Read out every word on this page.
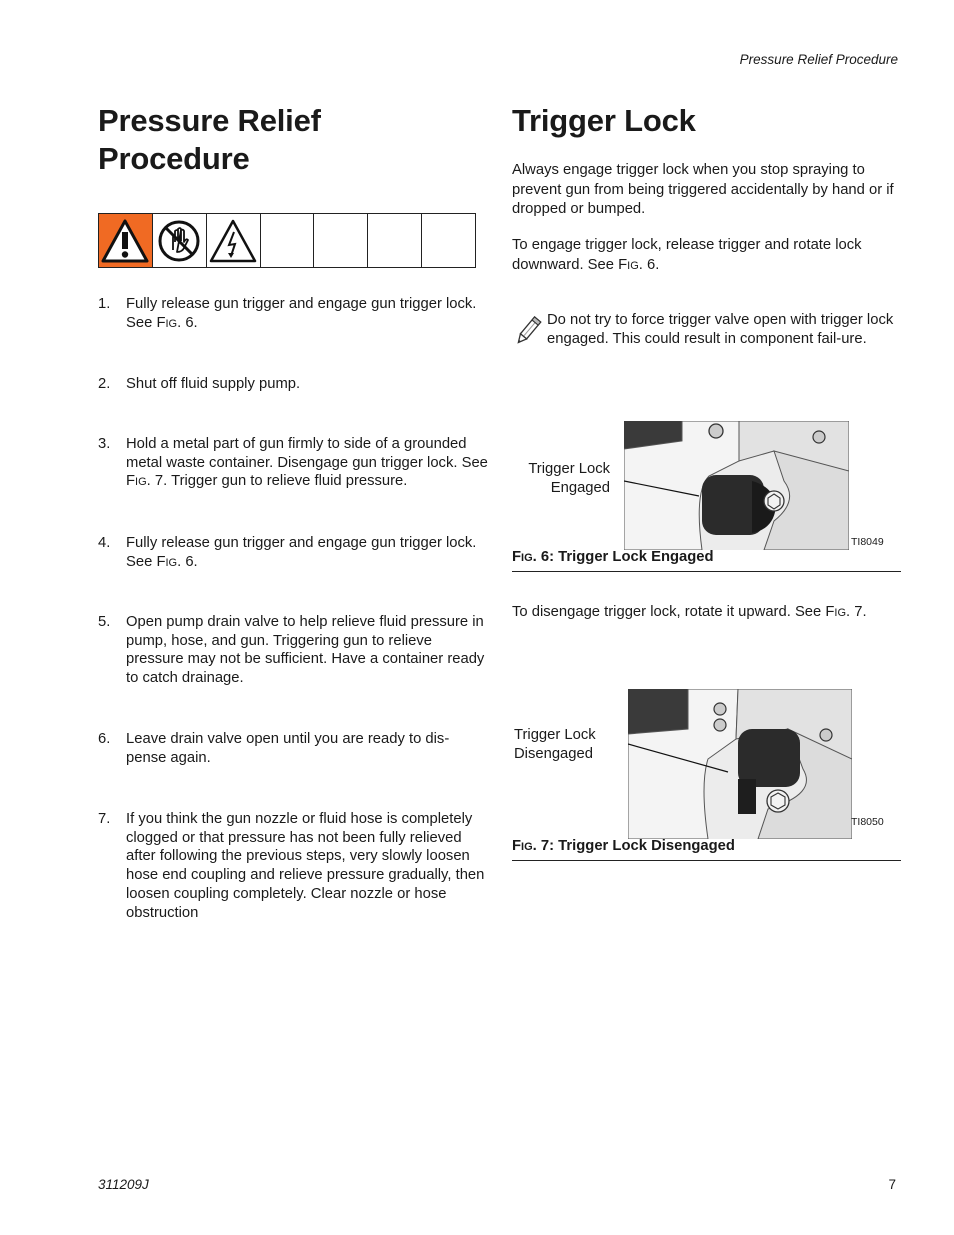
Pressure Relief Procedure
311209J	7
Pressure Relief
Procedure
1. Fully release gun trigger and engage gun trigger lock. See FIG. 6.
2. Shut off fluid supply pump.
3. Hold a metal part of gun firmly to side of a grounded metal waste container. Disengage gun trigger lock. See FIG. 7. Trigger gun to relieve fluid pressure.
4. Fully release gun trigger and engage gun trigger lock. See FIG. 6.
5. Open pump drain valve to help relieve fluid pressure in pump, hose, and gun. Triggering gun to relieve pressure may not be sufficient. Have a container ready to catch drainage.
6. Leave drain valve open until you are ready to dis-pense again.
7. If you think the gun nozzle or fluid hose is completely clogged or that pressure has not been fully relieved after following the previous steps, very slowly loosen hose end coupling and relieve pressure gradually, then loosen coupling completely. Clear nozzle or hose obstruction
Trigger Lock
Always engage trigger lock when you stop spraying to prevent gun from being triggered accidentally by hand or if dropped or bumped.
To engage trigger lock, release trigger and rotate lock downward. See FIG. 6.
Do not try to force trigger valve open with trigger lock engaged. This could result in component fail-ure.
Trigger Lock
Engaged
TI8049
FIG. 6: Trigger Lock Engaged
To disengage trigger lock, rotate it upward. See FIG. 7.
Trigger Lock
Disengaged
TI8050
FIG. 7: Trigger Lock Disengaged
